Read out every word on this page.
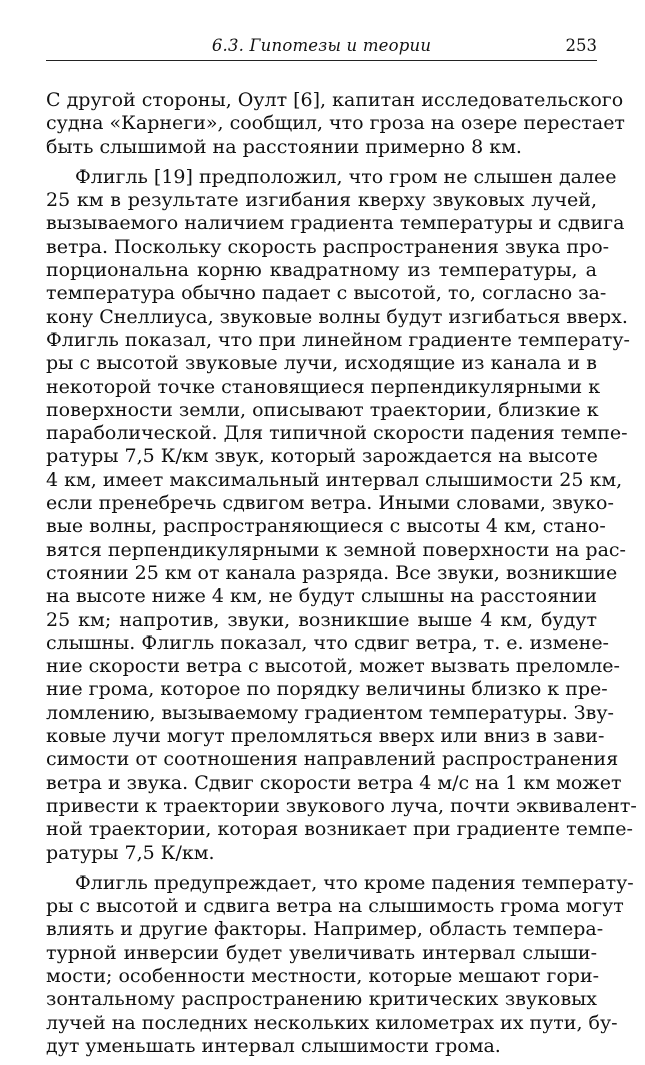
6.3. Гипотезы и теории	253
С другой стороны, Оулт [6], капитан исследовательского
судна «Карнеги», сообщил, что гроза на озере перестает
быть слышимой на расстоянии примерно 8 км.
Флигль [19] предположил, что гром не слышен далее
25 км в результате изгибания кверху звуковых лучей,
вызываемого наличием градиента температуры и сдвига
ветра. Поскольку скорость распространения звука про-
порциональна корню квадратному из температуры, а
температура обычно падает с высотой, то, согласно за-
кону Снеллиуса, звуковые волны будут изгибаться вверх.
Флигль показал, что при линейном градиенте температу-
ры с высотой звуковые лучи, исходящие из канала и в
некоторой точке становящиеся перпендикулярными к
поверхности земли, описывают траектории, близкие к
параболической. Для типичной скорости падения темпе-
ратуры 7,5 К/км звук, который зарождается на высоте
4 км, имеет максимальный интервал слышимости 25 км,
если пренебречь сдвигом ветра. Иными словами, звуко-
вые волны, распространяющиеся с высоты 4 км, стано-
вятся перпендикулярными к земной поверхности на рас-
стоянии 25 км от канала разряда. Все звуки, возникшие
на высоте ниже 4 км, не будут слышны на расстоянии
25 км; напротив, звуки, возникшие выше 4 км, будут
слышны. Флигль показал, что сдвиг ветра, т. е. измене-
ние скорости ветра с высотой, может вызвать преломле-
ние грома, которое по порядку величины близко к пре-
ломлению, вызываемому градиентом температуры. Зву-
ковые лучи могут преломляться вверх или вниз в зави-
симости от соотношения направлений распространения
ветра и звука. Сдвиг скорости ветра 4 м/с на 1 км может
привести к траектории звукового луча, почти эквивалент-
ной траектории, которая возникает при градиенте темпе-
ратуры 7,5 К/км.
Флигль предупреждает, что кроме падения температу-
ры с высотой и сдвига ветра на слышимость грома могут
влиять и другие факторы. Например, область темпера-
турной инверсии будет увеличивать интервал слыши-
мости; особенности местности, которые мешают гори-
зонтальному распространению критических звуковых
лучей на последних нескольких километрах их пути, бу-
дут уменьшать интервал слышимости грома.
